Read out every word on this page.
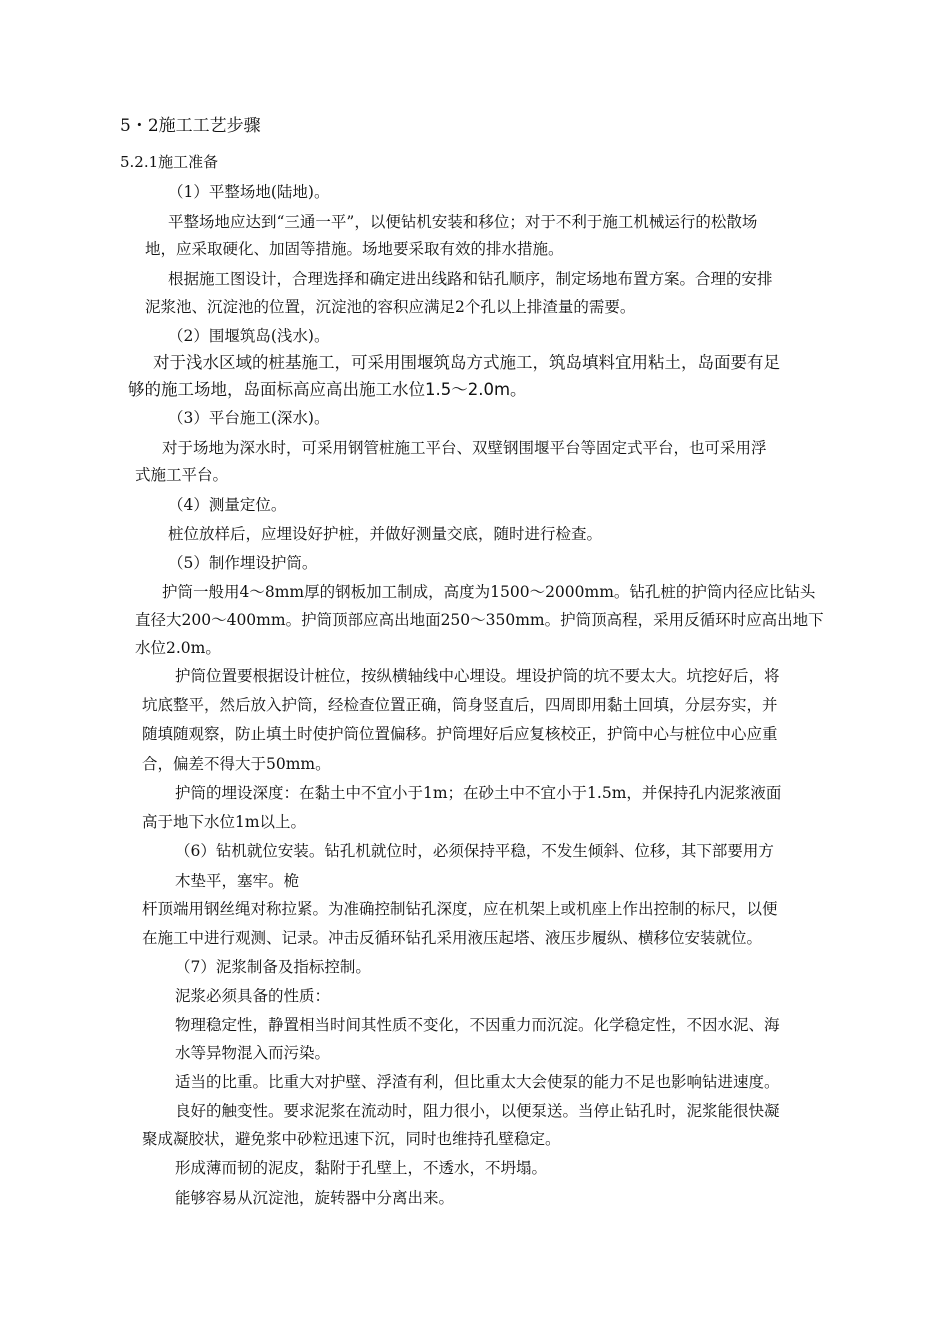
5・2施工工艺步骤
5.2.1施工准备
（1）平整场地(陆地)。
平整场地应达到“三通一平”，以便钻机安装和移位；对于不利于施工机械运行的松散场
地，应采取硬化、加固等措施。场地要采取有效的排水措施。
根据施工图设计，合理选择和确定进出线路和钻孔顺序，制定场地布置方案。合理的安排
泥浆池、沉淀池的位置，沉淀池的容积应满足2个孔以上排渣量的需要。
（2）围堰筑岛(浅水)。
对于浅水区域的桩基施工，可采用围堰筑岛方式施工，筑岛填料宜用粘土，岛面要有足
够的施工场地，岛面标高应高出施工水位1.5〜2.0m。
（3）平台施工(深水)。
对于场地为深水时，可采用钢管桩施工平台、双壁钢围堰平台等固定式平台，也可采用浮
式施工平台。
（4）测量定位。
桩位放样后，应埋设好护桩，并做好测量交底，随时进行检查。
（5）制作埋设护筒。
护筒一般用4〜8mm厚的钢板加工制成，高度为1500〜2000mm。钻孔桩的护筒内径应比钻头
直径大200〜400mm。护筒顶部应高出地面250〜350mm。护筒顶高程，采用反循环时应高出地下
水位2.0m。
护筒位置要根据设计桩位，按纵横轴线中心埋设。埋设护筒的坑不要太大。坑挖好后，将
坑底整平，然后放入护筒，经检查位置正确，筒身竖直后，四周即用黏土回填，分层夯实，并
随填随观察，防止填土时使护筒位置偏移。护筒埋好后应复核校正，护筒中心与桩位中心应重
合，偏差不得大于50mm。
护筒的埋设深度：在黏土中不宜小于1m；在砂土中不宜小于1.5m，并保持孔内泥浆液面
高于地下水位1m以上。
（6）钻机就位安装。钻孔机就位时，必须保持平稳，不发生倾斜、位移，其下部要用方
木垫平，塞牢。桅
杆顶端用钢丝绳对称拉紧。为准确控制钻孔深度，应在机架上或机座上作出控制的标尺，以便
在施工中进行观测、记录。冲击反循环钻孔采用液压起塔、液压步履纵、横移位安装就位。
（7）泥浆制备及指标控制。
泥浆必须具备的性质：
物理稳定性，静置相当时间其性质不变化，不因重力而沉淀。化学稳定性，不因水泥、海
水等异物混入而污染。
适当的比重。比重大对护壁、浮渣有利，但比重太大会使泵的能力不足也影响钻进速度。
良好的触变性。要求泥浆在流动时，阻力很小，以便泵送。当停止钻孔时，泥浆能很快凝
聚成凝胶状，避免浆中砂粒迅速下沉，同时也维持孔壁稳定。
形成薄而韧的泥皮，黏附于孔壁上，不透水，不坍塌。
能够容易从沉淀池，旋转器中分离出来。
